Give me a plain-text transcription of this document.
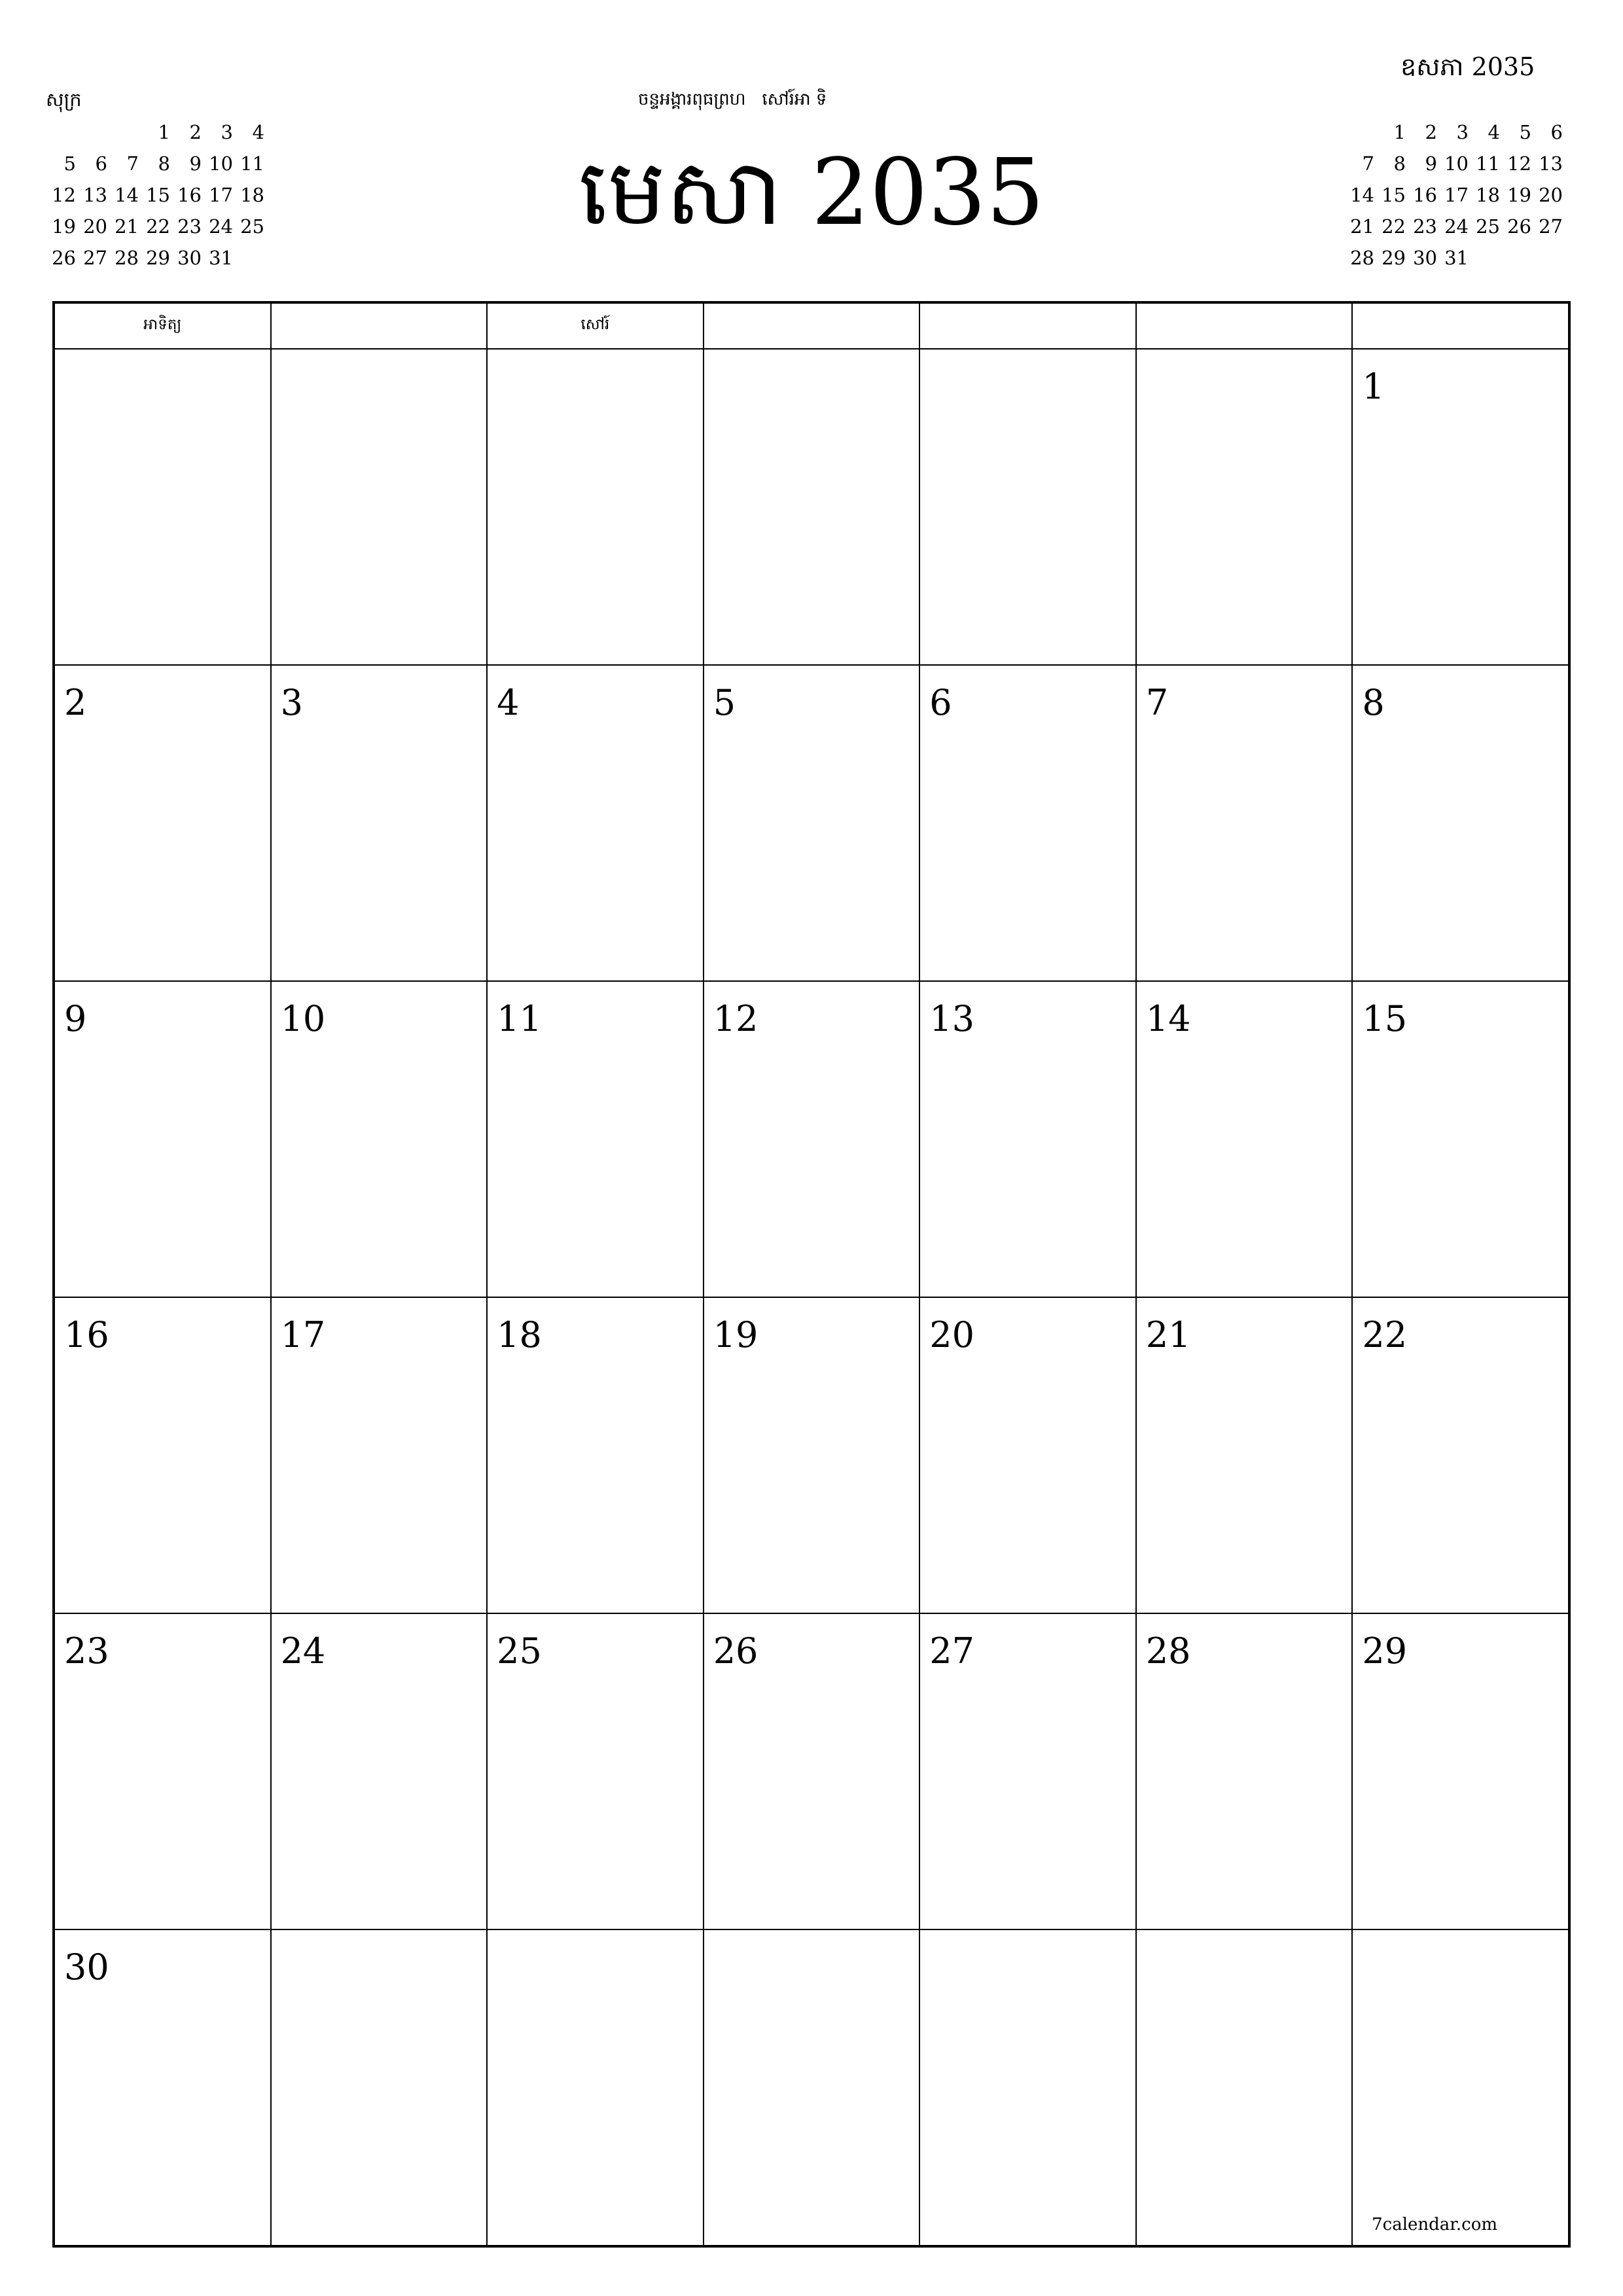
សុក្រ	ចន្ទអង្គារពុធព្រហ   សៅរ៍អា ទិ
ឧសភា 2035
មេសា 2035
			1	2	3	4
5	6	7	8	9	10	11
12	13	14	15	16	17	18
19	20	21	22	23	24	25
26	27	28	29	30	31	
	1	2	3	4	5	6
7	8	9	10	11	12	13
14	15	16	17	18	19	20
21	22	23	24	25	26	27
28	29	30	31			
អាទិត្យ		សៅរ៍				

						1

2	3	4	5	6	7	8

9	10	11	12	13	14	15

16	17	18	19	20	21	22

23	24	25	26	27	28	29

30						

7calendar.com
